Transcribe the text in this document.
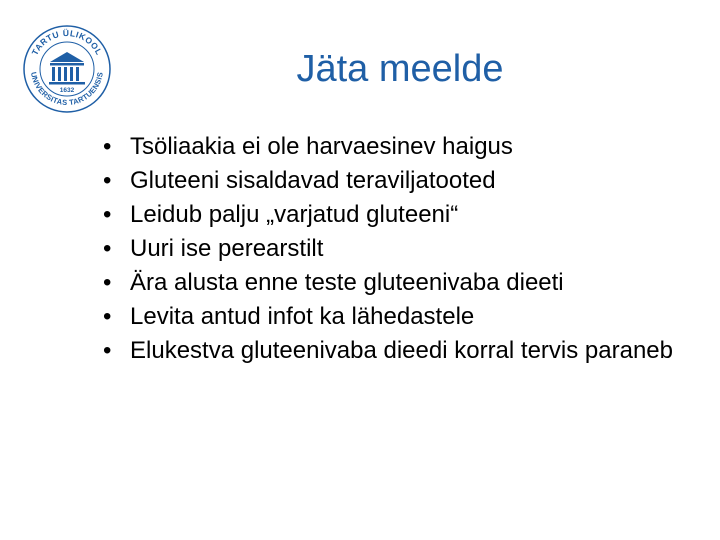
TARTU ÜLIKOOL
UNIVERSITAS TARTUENSIS
1632
Jäta meelde
• Tsöliaakia ei ole harvaesinev haigus
• Gluteeni sisaldavad teraviljatooted
• Leidub palju „varjatud gluteeni“
• Uuri ise perearstilt
• Ära alusta enne teste gluteenivaba dieeti
• Levita antud infot ka lähedastele
• Elukestva gluteenivaba dieedi korral tervis paraneb
